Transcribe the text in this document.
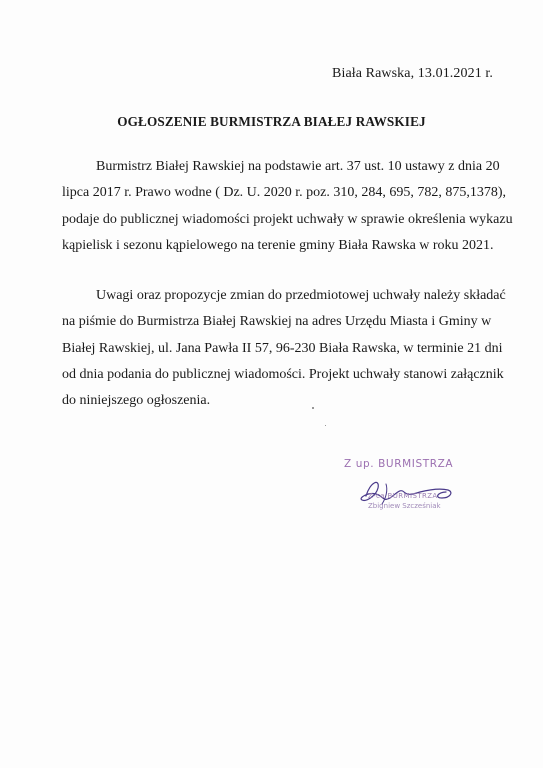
Biała Rawska, 13.01.2021 r.
OGŁOSZENIE BURMISTRZA BIAŁEJ RAWSKIEJ
Burmistrz Białej Rawskiej na podstawie art. 37 ust. 10 ustawy z dnia 20
lipca 2017 r. Prawo wodne ( Dz. U. 2020 r. poz. 310, 284, 695, 782, 875,1378),
podaje do publicznej wiadomości projekt uchwały w sprawie określenia wykazu
kąpielisk i sezonu kąpielowego na terenie gminy Biała Rawska w roku 2021.
Uwagi oraz propozycje zmian do przedmiotowej uchwały należy składać
na piśmie do Burmistrza Białej Rawskiej na adres Urzędu Miasta i Gminy w
Białej Rawskiej, ul. Jana Pawła II 57, 96-230 Biała Rawska, w terminie 21 dni
od dnia podania do publicznej wiadomości. Projekt uchwały stanowi załącznik
do niniejszego ogłoszenia.
Z up. BURMISTRZA
Z-ca BURMISTRZA
Zbigniew Szcześniak
